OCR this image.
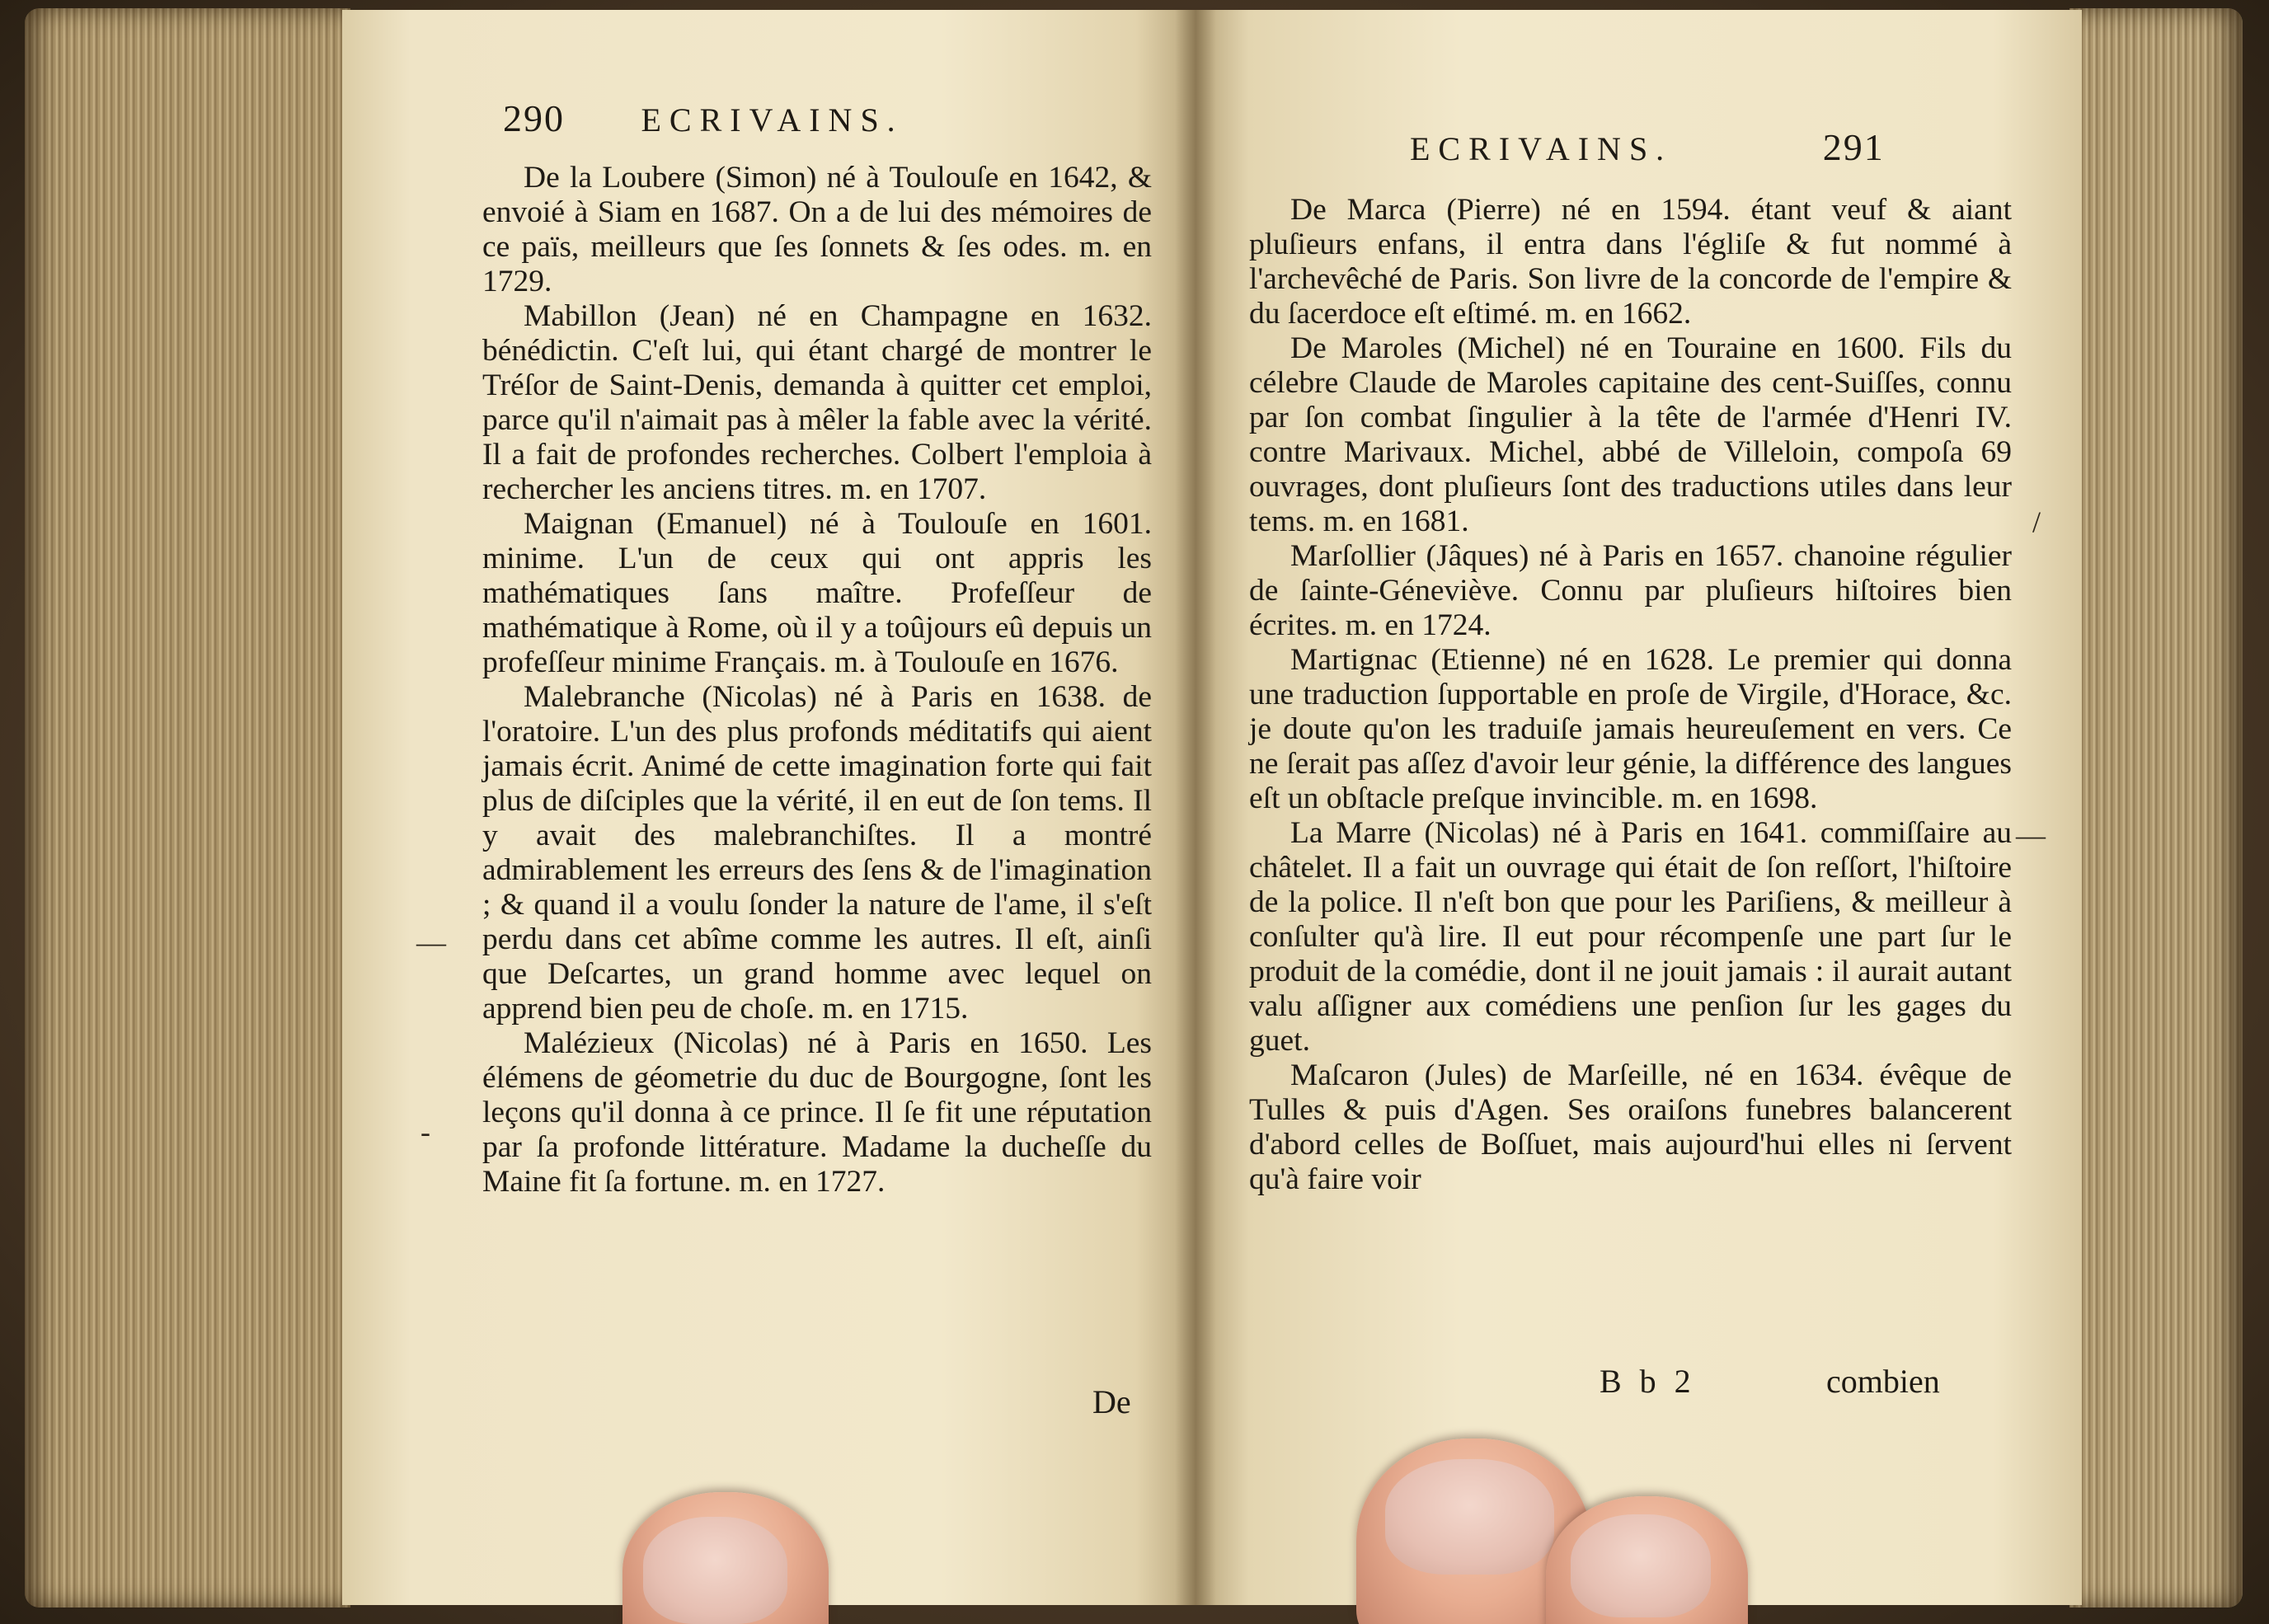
290 ECRIVAINS.

De la Loubere (Simon) né à Toulouſe en 1642, & envoié à Siam en 1687. On a de lui des mémoires de ce païs, meilleurs que ſes ſonnets & ſes odes. m. en 1729.

Mabillon (Jean) né en Champagne en 1632. bénédictin. C'eſt lui, qui étant chargé de montrer le Tréſor de Saint-Denis, demanda à quitter cet emploi, parce qu'il n'aimait pas à mêler la fable avec la vérité. Il a fait de profondes recherches. Colbert l'emploia à rechercher les anciens titres. m. en 1707.

Maignan (Emanuel) né à Toulouſe en 1601. minime. L'un de ceux qui ont appris les mathématiques ſans maître. Profeſſeur de mathématique à Rome, où il y a toûjours eû depuis un profeſſeur minime Français. m. à Toulouſe en 1676.

Malebranche (Nicolas) né à Paris en 1638. de l'oratoire. L'un des plus profonds méditatifs qui aient jamais écrit. Animé de cette imagination forte qui fait plus de diſciples que la vérité, il en eut de ſon tems. Il y avait des malebranchiſtes. Il a montré admirablement les erreurs des ſens & de l'imagination ; & quand il a voulu ſonder la nature de l'ame, il s'eſt perdu dans cet abîme comme les autres. Il eſt, ainſi que Deſcartes, un grand homme avec lequel on apprend bien peu de choſe. m. en 1715.

Malézieux (Nicolas) né à Paris en 1650. Les élémens de géometrie du duc de Bourgogne, ſont les leçons qu'il donna à ce prince. Il ſe fit une réputation par ſa profonde littérature. Madame la ducheſſe du Maine fit ſa fortune. m. en 1727.

De
—
-
ECRIVAINS.	291

De Marca (Pierre) né en 1594. étant veuf & aiant pluſieurs enfans, il entra dans l'égliſe & fut nommé à l'archevêché de Paris. Son livre de la concorde de l'empire & du ſacerdoce eſt eſtimé. m. en 1662.

De Maroles (Michel) né en Touraine en 1600. Fils du célebre Claude de Maroles capitaine des cent-Suiſſes, connu par ſon combat ſingulier à la tête de l'armée d'Henri IV. contre Marivaux. Michel, abbé de Villeloin, compoſa 69 ouvrages, dont pluſieurs ſont des traductions utiles dans leur tems. m. en 1681.

Marſollier (Jâques) né à Paris en 1657. chanoine régulier de ſainte-Géneviève. Connu par pluſieurs hiſtoires bien écrites. m. en 1724.

Martignac (Etienne) né en 1628. Le premier qui donna une traduction ſupportable en proſe de Virgile, d'Horace, &c. je doute qu'on les traduiſe jamais heureuſement en vers. Ce ne ſerait pas aſſez d'avoir leur génie, la différence des langues eſt un obſtacle preſque invincible. m. en 1698.

La Marre (Nicolas) né à Paris en 1641. commiſſaire au châtelet. Il a fait un ouvrage qui était de ſon reſſort, l'hiſtoire de la police. Il n'eſt bon que pour les Pariſiens, & meilleur à conſulter qu'à lire. Il eut pour récompenſe une part ſur le produit de la comédie, dont il ne jouit jamais : il aurait autant valu aſſigner aux comédiens une penſion ſur les gages du guet.

Maſcaron (Jules) de Marſeille, né en 1634. évêque de Tulles & puis d'Agen. Ses oraiſons funebres balancerent d'abord celles de Boſſuet, mais aujourd'hui elles ni ſervent qu'à faire voir

B b 2	combien
/
—
